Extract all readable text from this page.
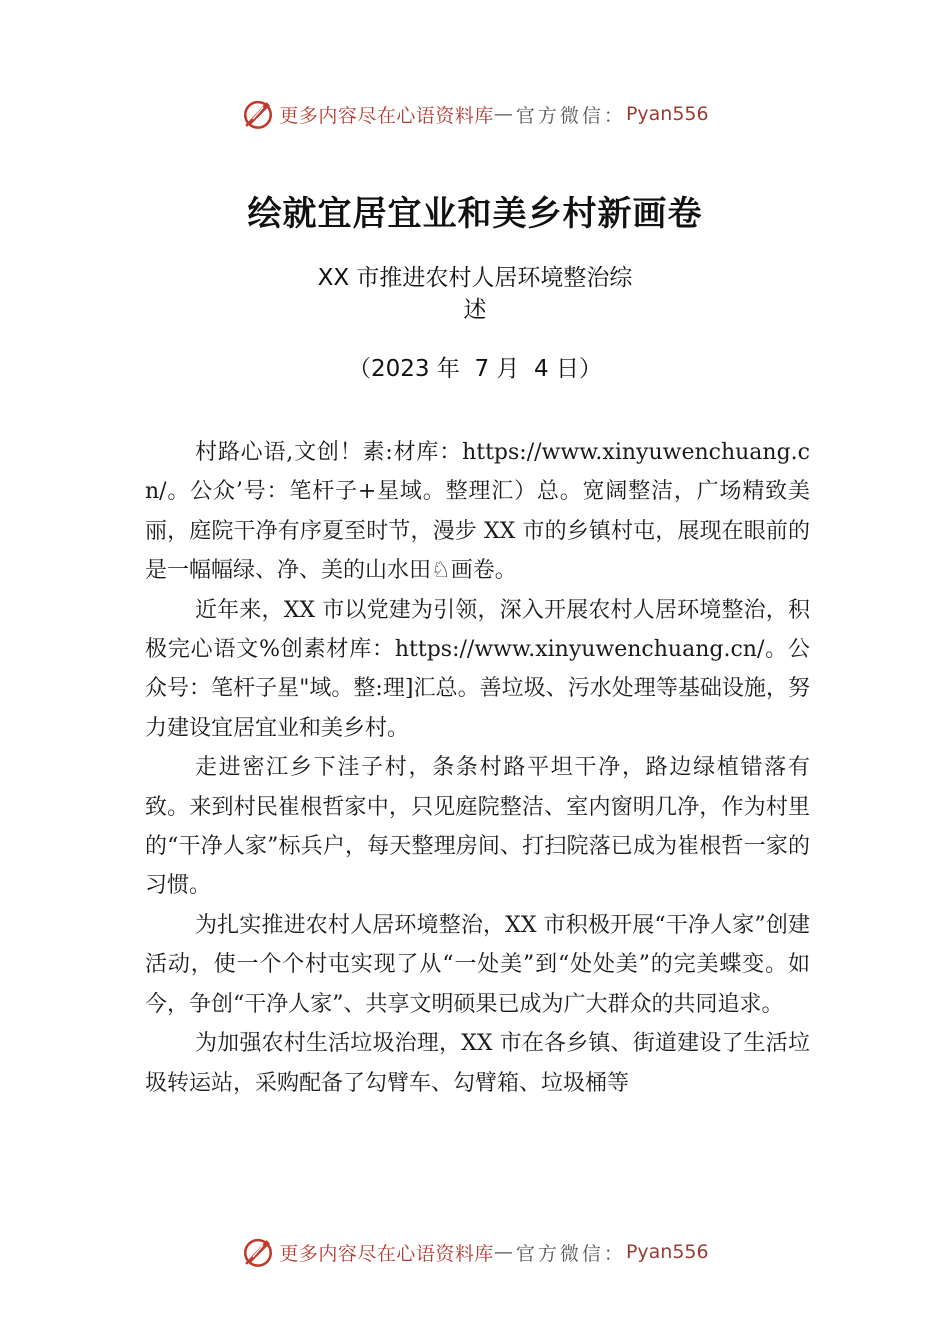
更多内容尽在心语资料库 — 官方微信： Pyan556
绘就宜居宜业和美乡村新画卷
XX 市推进农村人居环境整治综
述
（2023 年  7 月  4 日）

村路心语,文创！素:材库：https://www.xinyuwenchuang.cn/。公众’号：笔杆子+星域。整理汇）总。宽阔整洁，广场精致美丽，庭院干净有序夏至时节，漫步 XX 市的乡镇村屯，展现在眼前的是一幅幅绿、净、美的山水田♘画卷。

近年来，XX 市以党建为引领，深入开展农村人居环境整治，积极完心语文%创素材库：https://www.xinyuwenchuang.cn/。公众号：笔杆子星"域。整:理]汇总。善垃圾、污水处理等基础设施，努力建设宜居宜业和美乡村。

走进密江乡下洼子村，条条村路平坦干净，路边绿植错落有致。来到村民崔根哲家中，只见庭院整洁、室内窗明几净，作为村里的“干净人家”标兵户，每天整理房间、打扫院落已成为崔根哲一家的习惯。

为扎实推进农村人居环境整治，XX 市积极开展“干净人家”创建活动，使一个个村屯实现了从“一处美”到“处处美”的完美蝶变。如今，争创“干净人家”、共享文明硕果已成为广大群众的共同追求。

为加强农村生活垃圾治理，XX 市在各乡镇、街道建设了生活垃圾转运站，采购配备了勾臂车、勾臂箱、垃圾桶等

更多内容尽在心语资料库 — 官方微信： Pyan556
